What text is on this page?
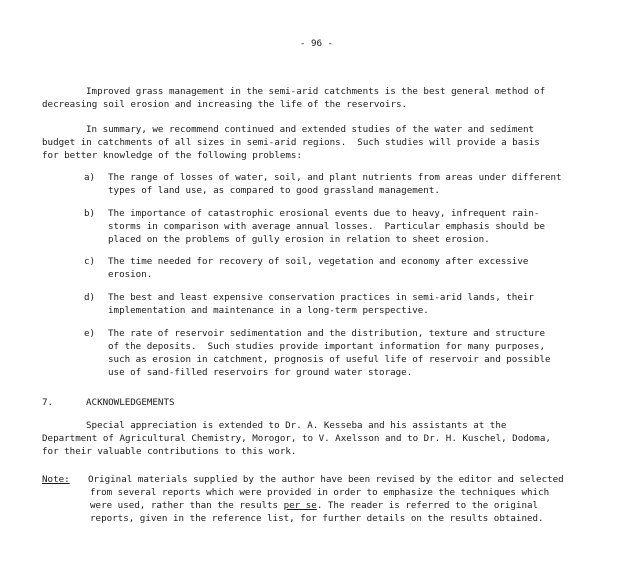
- 96 -
Improved grass management in the semi-arid catchments is the best general method of
decreasing soil erosion and increasing the life of the reservoirs.
In summary, we recommend continued and extended studies of the water and sediment
budget in catchments of all sizes in semi-arid regions.  Such studies will provide a basis
for better knowledge of the following problems:
a) The range of losses of water, soil, and plant nutrients from areas under different
types of land use, as compared to good grassland management.
b) The importance of catastrophic erosional events due to heavy, infrequent rain-
storms in comparison with average annual losses.  Particular emphasis should be
placed on the problems of gully erosion in relation to sheet erosion.
c) The time needed for recovery of soil, vegetation and economy after excessive
erosion.
d) The best and least expensive conservation practices in semi-arid lands, their
implementation and maintenance in a long-term perspective.
e) The rate of reservoir sedimentation and the distribution, texture and structure
of the deposits.  Such studies provide important information for many purposes,
such as erosion in catchment, prognosis of useful life of reservoir and possible
use of sand-filled reservoirs for ground water storage.
7.	ACKNOWLEDGEMENTS
Special appreciation is extended to Dr. A. Kesseba and his assistants at the
Department of Agricultural Chemistry, Morogor, to V. Axelsson and to Dr. H. Kuschel, Dodoma,
for their valuable contributions to this work.
Note: Original materials supplied by the author have been revised by the editor and selected
from several reports which were provided in order to emphasize the techniques which
were used, rather than the results per se. The reader is referred to the original
reports, given in the reference list, for further details on the results obtained.
